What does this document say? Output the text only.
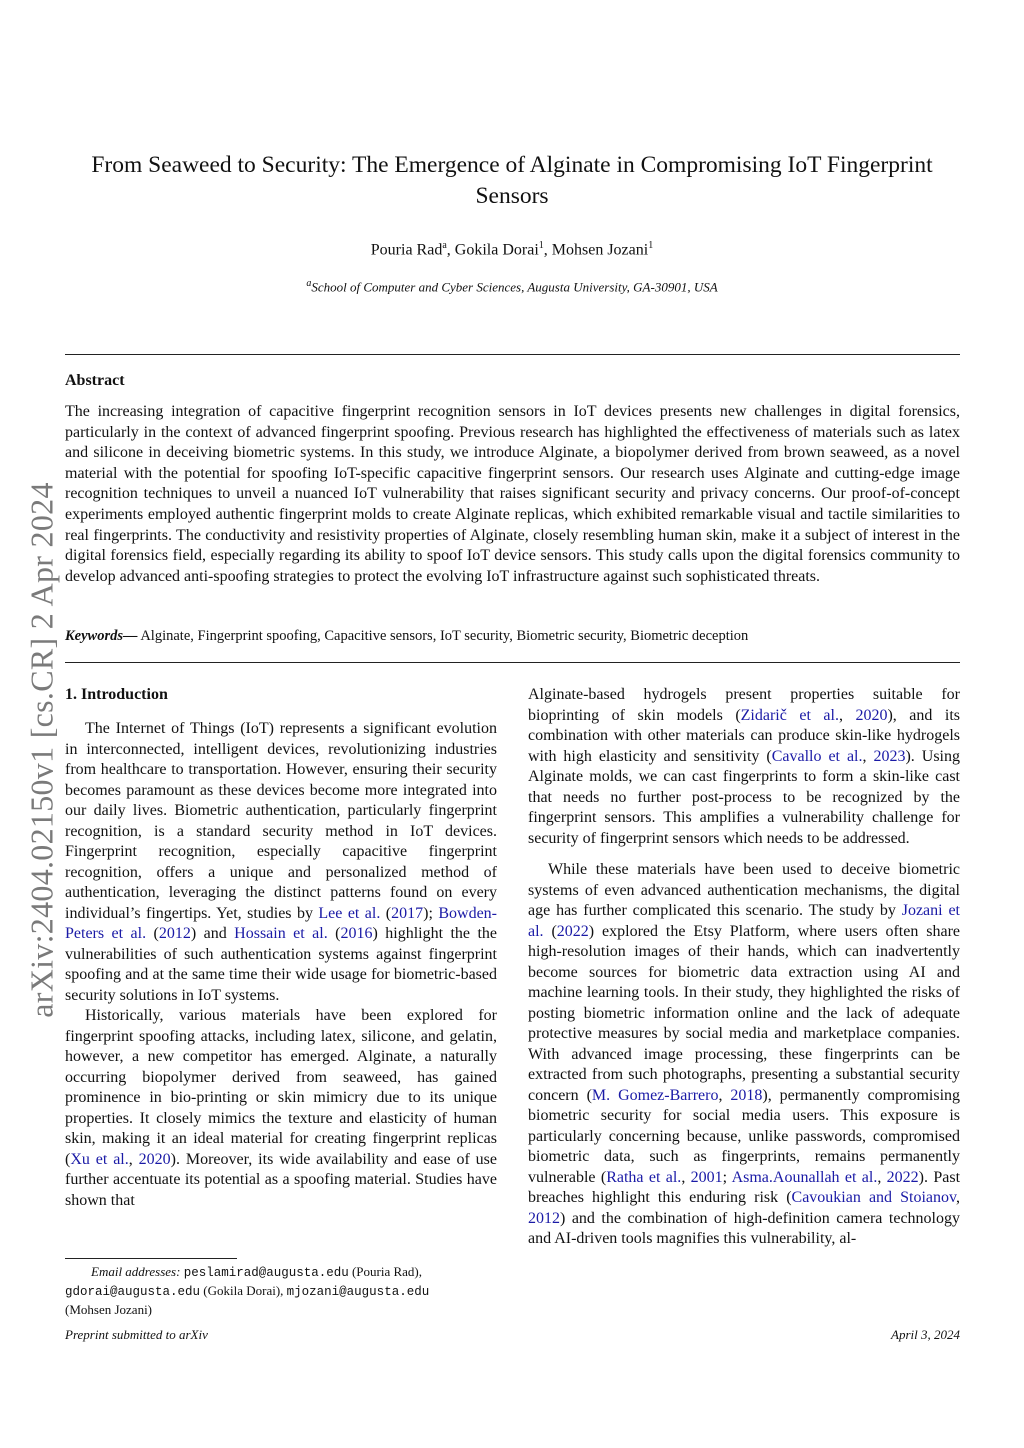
arXiv:2404.02150v1 [cs.CR] 2 Apr 2024
From Seaweed to Security: The Emergence of Alginate in Compromising IoT Fingerprint Sensors
Pouria Rad$^a$, Gokila Dorai$^1$, Mohsen Jozani$^1$
$^a$School of Computer and Cyber Sciences, Augusta University, GA-30901, USA
Abstract
The increasing integration of capacitive fingerprint recognition sensors in IoT devices presents new challenges in digital forensics, particularly in the context of advanced fingerprint spoofing. Previous research has highlighted the effectiveness of materials such as latex and silicone in deceiving biometric systems. In this study, we introduce Alginate, a biopolymer derived from brown seaweed, as a novel material with the potential for spoofing IoT-specific capacitive fingerprint sensors. Our research uses Alginate and cutting-edge image recognition techniques to unveil a nuanced IoT vulnerability that raises significant security and privacy concerns. Our proof-of-concept experiments employed authentic fingerprint molds to create Alginate replicas, which exhibited remarkable visual and tactile similarities to real fingerprints. The conductivity and resistivity properties of Alginate, closely resembling human skin, make it a subject of interest in the digital forensics field, especially regarding its ability to spoof IoT device sensors. This study calls upon the digital forensics community to develop advanced anti-spoofing strategies to protect the evolving IoT infrastructure against such sophisticated threats.
Keywords— Alginate, Fingerprint spoofing, Capacitive sensors, IoT security, Biometric security, Biometric deception
1. Introduction

The Internet of Things (IoT) represents a significant evolution in interconnected, intelligent devices, revolutionizing industries from healthcare to transportation. However, ensuring their security becomes paramount as these devices become more integrated into our daily lives. Biometric authentication, particularly fingerprint recognition, is a standard security method in IoT devices. Fingerprint recognition, especially capacitive fingerprint recognition, offers a unique and personalized method of authentication, leveraging the distinct patterns found on every individual’s fingertips. Yet, studies by Lee et al. (2017); Bowden-Peters et al. (2012) and Hossain et al. (2016) highlight the the vulnerabilities of such authentication systems against fingerprint spoofing and at the same time their wide usage for biometric-based security solutions in IoT systems.

Historically, various materials have been explored for fingerprint spoofing attacks, including latex, silicone, and gelatin, however, a new competitor has emerged. Alginate, a naturally occurring biopolymer derived from seaweed, has gained prominence in bio-printing or skin mimicry due to its unique properties. It closely mimics the texture and elasticity of human skin, making it an ideal material for creating fingerprint replicas (Xu et al., 2020). Moreover, its wide availability and ease of use further accentuate its potential as a spoofing material. Studies have shown that

Alginate-based hydrogels present properties suitable for bioprinting of skin models (Zidarič et al., 2020), and its combination with other materials can produce skin-like hydrogels with high elasticity and sensitivity (Cavallo et al., 2023). Using Alginate molds, we can cast fingerprints to form a skin-like cast that needs no further post-process to be recognized by the fingerprint sensors. This amplifies a vulnerability challenge for security of fingerprint sensors which needs to be addressed.

While these materials have been used to deceive biometric systems of even advanced authentication mechanisms, the digital age has further complicated this scenario. The study by Jozani et al. (2022) explored the Etsy Platform, where users often share high-resolution images of their hands, which can inadvertently become sources for biometric data extraction using AI and machine learning tools. In their study, they highlighted the risks of posting biometric information online and the lack of adequate protective measures by social media and marketplace companies. With advanced image processing, these fingerprints can be extracted from such photographs, presenting a substantial security concern (M. Gomez-Barrero, 2018), permanently compromising biometric security for social media users. This exposure is particularly concerning because, unlike passwords, compromised biometric data, such as fingerprints, remains permanently vulnerable (Ratha et al., 2001; Asma.Aounallah et al., 2022). Past breaches highlight this enduring risk (Cavoukian and Stoianov, 2012) and the combination of high-definition camera technology and AI-driven tools magnifies this vulnerability, al-

Email addresses: peslamirad@augusta.edu (Pouria Rad),
gdorai@augusta.edu (Gokila Dorai), mjozani@augusta.edu
(Mohsen Jozani)
Preprint submitted to arXiv	April 3, 2024
